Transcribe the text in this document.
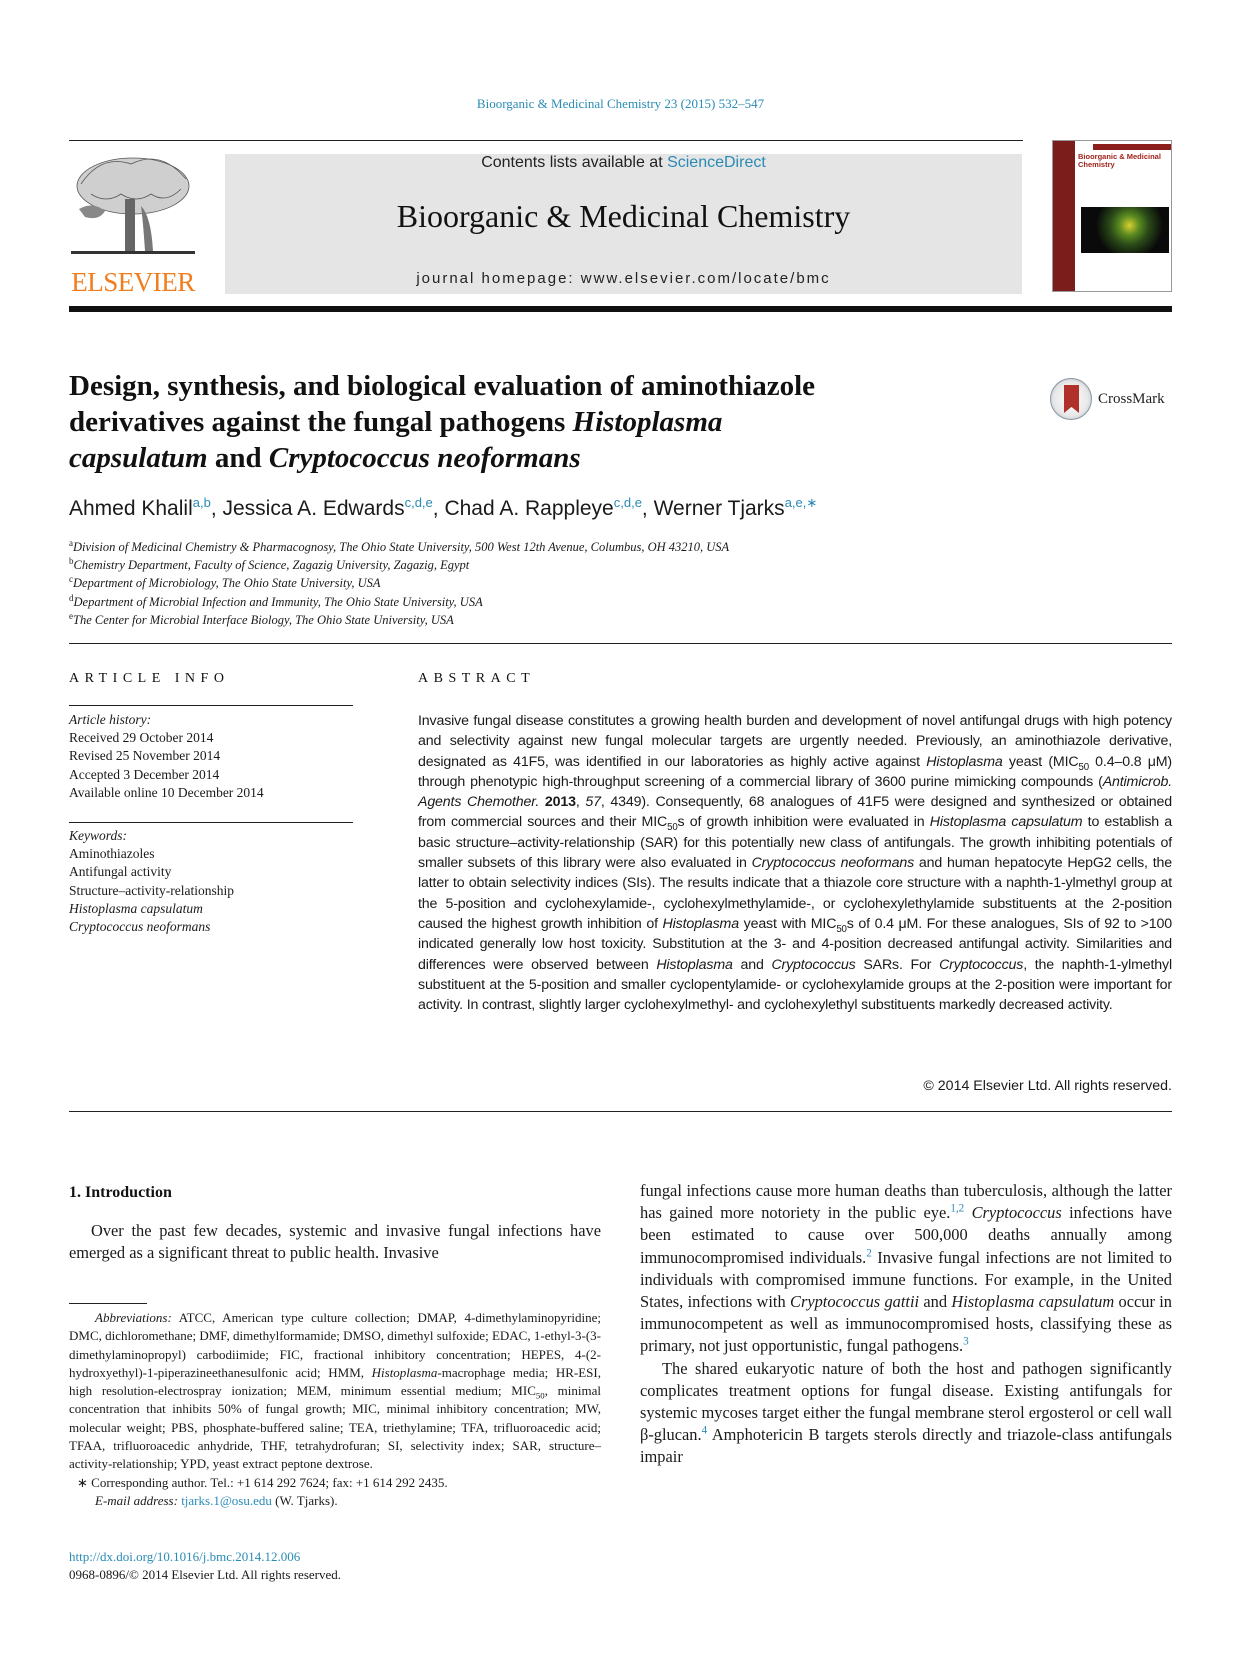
Bioorganic & Medicinal Chemistry 23 (2015) 532–547
ELSEVIER
Contents lists available at ScienceDirect
Bioorganic & Medicinal Chemistry
journal homepage: www.elsevier.com/locate/bmc
Bioorganic & Medicinal Chemistry
Design, synthesis, and biological evaluation of aminothiazole
derivatives against the fungal pathogens Histoplasma
capsulatum and Cryptococcus neoformans
CrossMark
Ahmed Khalil$^{a,b}$, Jessica A. Edwards$^{c,d,e}$, Chad A. Rappleye$^{c,d,e}$, Werner Tjarks$^{a,e,∗}$
$^a$Division of Medicinal Chemistry & Pharmacognosy, The Ohio State University, 500 West 12th Avenue, Columbus, OH 43210, USA
$^b$Chemistry Department, Faculty of Science, Zagazig University, Zagazig, Egypt
$^c$Department of Microbiology, The Ohio State University, USA
$^d$Department of Microbial Infection and Immunity, The Ohio State University, USA
$^e$The Center for Microbial Interface Biology, The Ohio State University, USA
ARTICLE INFO
Article history:
Received 29 October 2014
Revised 25 November 2014
Accepted 3 December 2014
Available online 10 December 2014
Keywords:
Aminothiazoles
Antifungal activity
Structure–activity-relationship
Histoplasma capsulatum
Cryptococcus neoformans
ABSTRACT
Invasive fungal disease constitutes a growing health burden and development of novel antifungal drugs with high potency and selectivity against new fungal molecular targets are urgently needed. Previously, an aminothiazole derivative, designated as 41F5, was identified in our laboratories as highly active against Histoplasma yeast ($MIC_{50}$ 0.4–0.8 μM) through phenotypic high-throughput screening of a commercial library of 3600 purine mimicking compounds (Antimicrob. Agents Chemother. 2013, 57, 4349). Consequently, 68 analogues of 41F5 were designed and synthesized or obtained from commercial sources and their $MIC_{50}s$ of growth inhibition were evaluated in Histoplasma capsulatum to establish a basic structure–activity-relationship (SAR) for this potentially new class of antifungals. The growth inhibiting potentials of smaller subsets of this library were also evaluated in Cryptococcus neoformans and human hepatocyte HepG2 cells, the latter to obtain selectivity indices (SIs). The results indicate that a thiazole core structure with a naphth-1-ylmethyl group at the 5-position and cyclohexylamide-, cyclohexylmethylamide-, or cyclohexylethylamide substituents at the 2-position caused the highest growth inhibition of Histoplasma yeast with $MIC_{50}s$ of 0.4 μM. For these analogues, SIs of 92 to >100 indicated generally low host toxicity. Substitution at the 3- and 4-position decreased antifungal activity. Similarities and differences were observed between Histoplasma and Cryptococcus SARs. For Cryptococcus, the naphth-1-ylmethyl substituent at the 5-position and smaller cyclopentylamide- or cyclohexylamide groups at the 2-position were important for activity. In contrast, slightly larger cyclohexylmethyl- and cyclohexylethyl substituents markedly decreased activity.
© 2014 Elsevier Ltd. All rights reserved.
1. Introduction
Over the past few decades, systemic and invasive fungal infections have emerged as a significant threat to public health. Invasive

fungal infections cause more human deaths than tuberculosis, although the latter has gained more notoriety in the public eye.$^{1,2}$ Cryptococcus infections have been estimated to cause over 500,000 deaths annually among immunocompromised individuals.$^2$ Invasive fungal infections are not limited to individuals with compromised immune functions. For example, in the United States, infections with Cryptococcus gattii and Histoplasma capsulatum occur in immunocompetent as well as immunocompromised hosts, classifying these as primary, not just opportunistic, fungal pathogens.$^3$

The shared eukaryotic nature of both the host and pathogen significantly complicates treatment options for fungal disease. Existing antifungals for systemic mycoses target either the fungal membrane sterol ergosterol or cell wall β-glucan.$^4$ Amphotericin B targets sterols directly and triazole-class antifungals impair

Abbreviations: ATCC, American type culture collection; DMAP, 4-dimethylaminopyridine; DMC, dichloromethane; DMF, dimethylformamide; DMSO, dimethyl sulfoxide; EDAC, 1-ethyl-3-(3-dimethylaminopropyl) carbodiimide; FIC, fractional inhibitory concentration; HEPES, 4-(2-hydroxyethyl)-1-piperazineethanesulfonic acid; HMM, Histoplasma-macrophage media; HR-ESI, high resolution-electrospray ionization; MEM, minimum essential medium; $MIC_{50}$, minimal concentration that inhibits 50% of fungal growth; MIC, minimal inhibitory concentration; MW, molecular weight; PBS, phosphate-buffered saline; TEA, triethylamine; TFA, trifluoroacedic acid; TFAA, trifluoroacedic anhydride, THF, tetrahydrofuran; SI, selectivity index; SAR, structure–activity-relationship; YPD, yeast extract peptone dextrose.
∗ Corresponding author. Tel.: +1 614 292 7624; fax: +1 614 292 2435.
E-mail address: tjarks.1@osu.edu (W. Tjarks).
http://dx.doi.org/10.1016/j.bmc.2014.12.006
0968-0896/© 2014 Elsevier Ltd. All rights reserved.
